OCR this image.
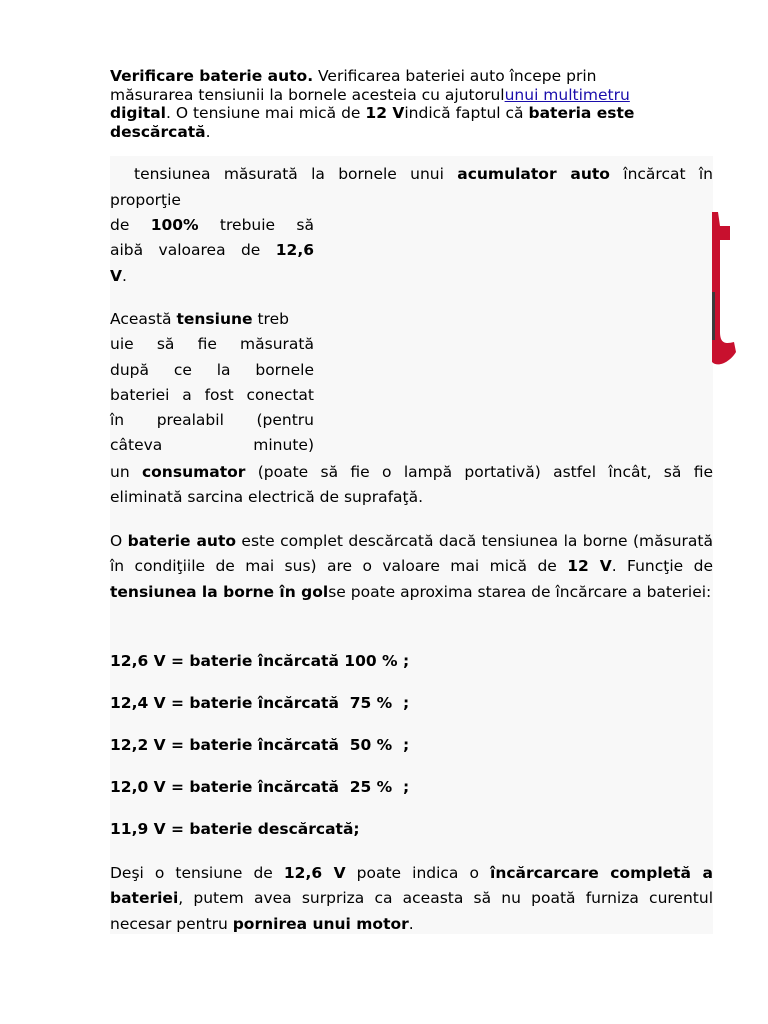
Verificare baterie auto. Verificarea bateriei auto începe prin măsurarea tensiunii la bornele acesteia cu ajutorulunui multimetru digital. O tensiune mai mică de 12 Vindică faptul că bateria este descărcată.
tensiunea măsurată la bornele unui acumulator auto încărcat în
proporţie
de 100% trebuie să
aibă valoarea de 12,6
V.
Această tensiune treb
uie să fie măsurată
după ce la bornele
bateriei a fost conectat
în prealabil (pentru
câteva minute)
un consumator (poate să fie o lampă portativă) astfel încât, să fie
eliminată sarcina electrică de suprafaţă.
O baterie auto este complet descărcată dacă tensiunea la borne (măsurată în condiţiile de mai sus) are o valoare mai mică de 12 V. Funcţie de tensiunea la borne în golse poate aproxima starea de încărcare a bateriei:
12,6 V = baterie încărcată 100 % ;
12,4 V = baterie încărcată  75 %  ;
12,2 V = baterie încărcată  50 %  ;
12,0 V = baterie încărcată  25 %  ;
11,9 V = baterie descărcată;
Deşi o tensiune de 12,6 V poate indica o încărcarcare completă a bateriei, putem avea surpriza ca aceasta să nu poată furniza curentul necesar pentru pornirea unui motor.
